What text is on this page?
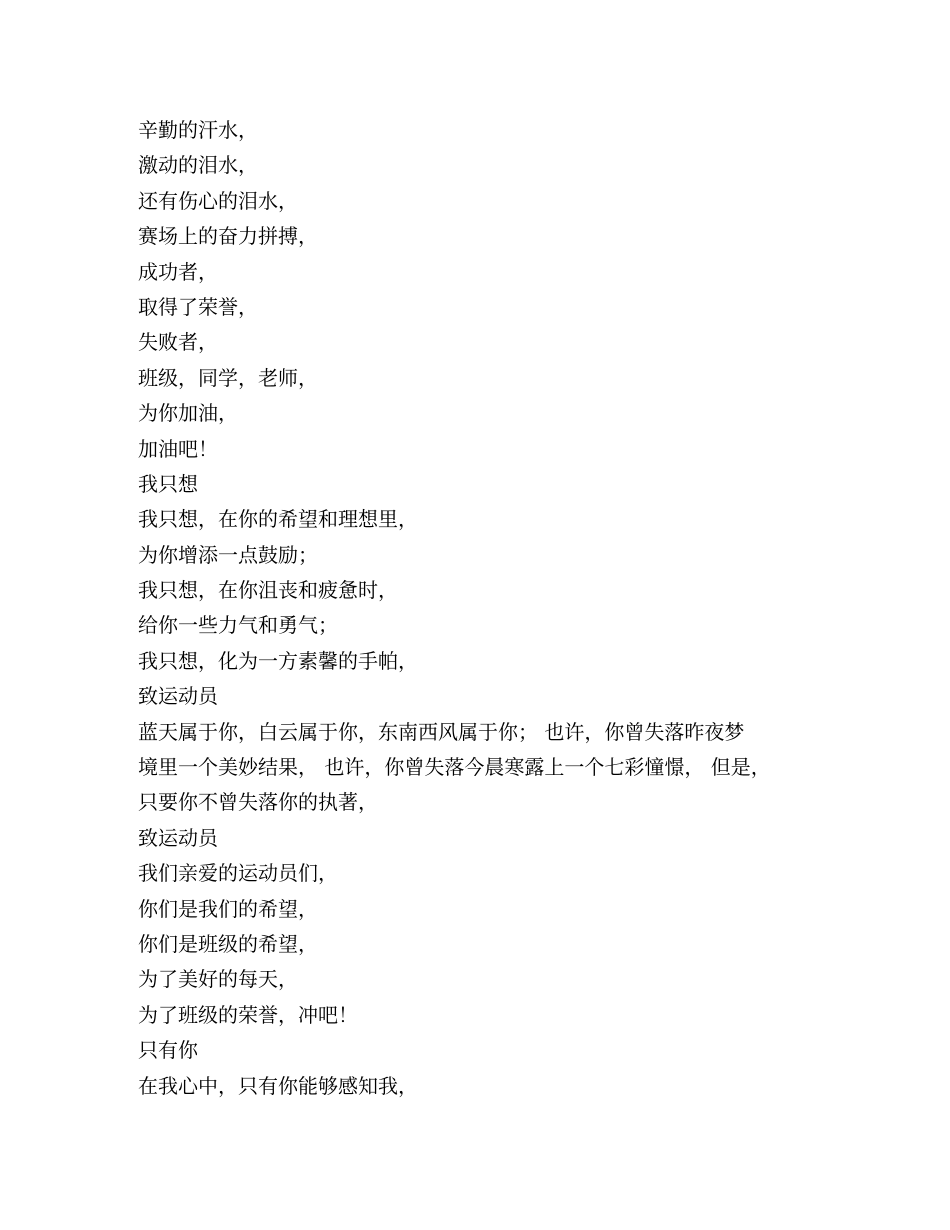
辛勤的汗水，
激动的泪水，
还有伤心的泪水，
赛场上的奋力拼搏，
成功者，
取得了荣誉，
失败者，
班级，同学，老师，
为你加油，
加油吧！
我只想
我只想，在你的希望和理想里，
为你增添一点鼓励；
我只想，在你沮丧和疲惫时，
给你一些力气和勇气；
我只想，化为一方素馨的手帕，
致运动员
蓝天属于你，白云属于你，东南西风属于你； 也许，你曾失落昨夜梦
境里一个美妙结果， 也许，你曾失落今晨寒露上一个七彩憧憬， 但是，
只要你不曾失落你的执著，
致运动员
我们亲爱的运动员们，
你们是我们的希望，
你们是班级的希望，
为了美好的每天，
为了班级的荣誉，冲吧！
只有你
在我心中，只有你能够感知我，
